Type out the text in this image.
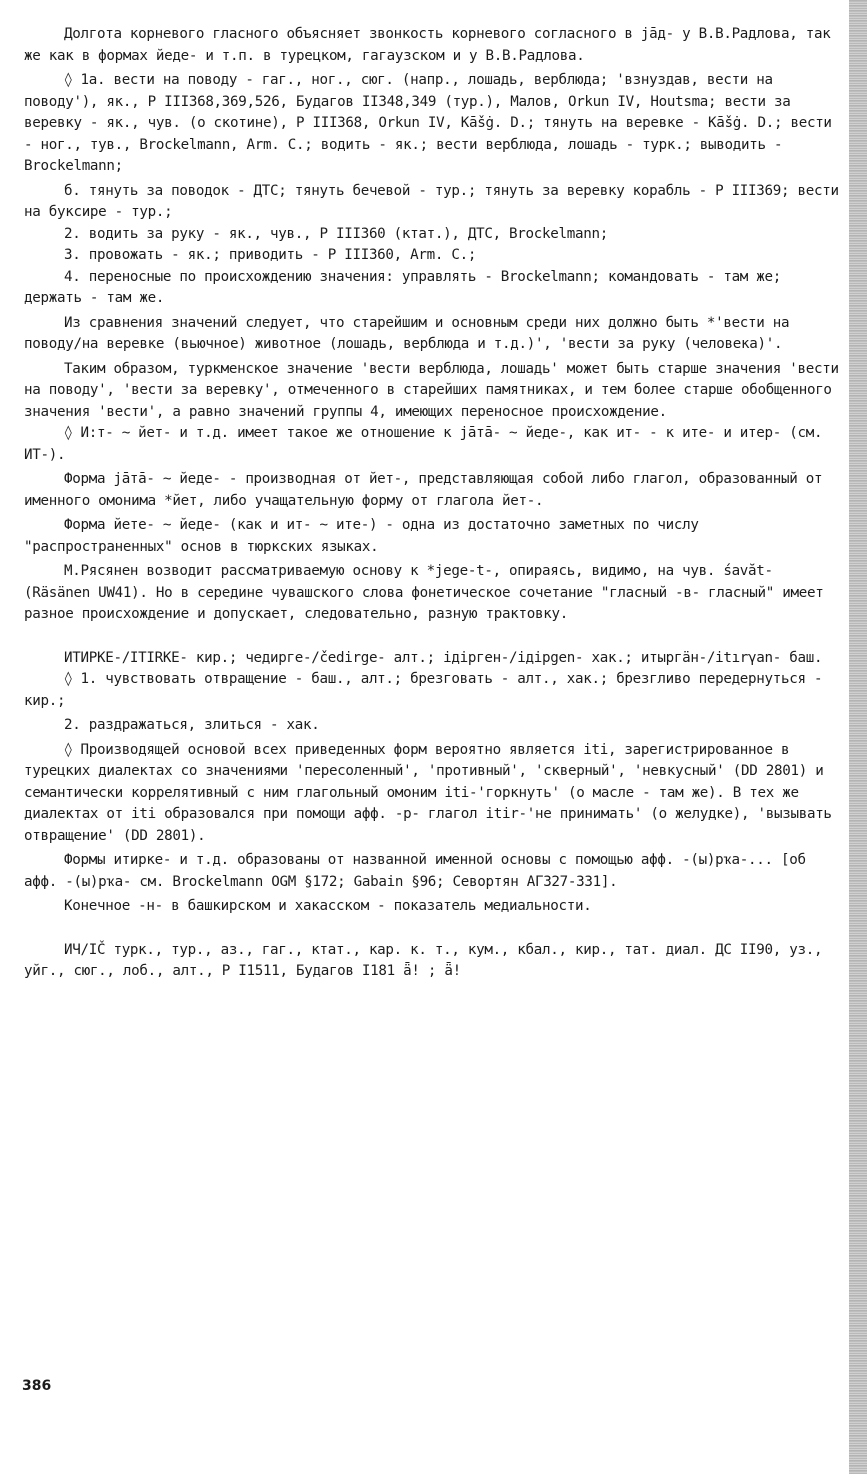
Долгота корневого гласного объясняет звонкость корневого согласного в jāд- у В.В.Радлова, так же как в формах йеде- и т.п. в турецком, гагаузском и у В.В.Радлова.

◊ 1а. вести на поводу - гаг., ног., сюг. (напр., лошадь, верблюда; 'взнуздав, вести на поводу'), як., Р III368,369,526, Будагов II348,349 (тур.), Малов, Orkun IV, Houtsma; вести за веревку - як., чув. (о скотине), Р III368, Orkun IV, Kāšġ. D.; тянуть на веревке - Kāšġ. D.; вести - ног., тув., Brockelmann, Arm. C.; водить - як.; вести верблюда, лошадь - турк.; выводить - Brockelmann;

б. тянуть за поводок - ДТС; тянуть бечевой - тур.; тянуть за веревку корабль - Р III369; вести на буксире - тур.;

2. водить за руку - як., чув., Р III360 (ктат.), ДТС, Brockelmann;

3. провожать - як.; приводить - Р III360, Arm. C.;

4. переносные по происхождению значения: управлять - Brockelmann; командовать - там же; держать - там же.

Из сравнения значений следует, что старейшим и основным среди них должно быть *'вести на поводу/на веревке (вьючное) животное (лошадь, верблюда и т.д.)', 'вести за руку (человека)'.

Таким образом, туркменское значение 'вести верблюда, лошадь' может быть старше значения 'вести на поводу', 'вести за веревку', отмеченного в старейших памятниках, и тем более старше обобщенного значения 'вести', а равно значений группы 4, имеющих переносное происхождение.

◊ И:т- ~ йет- и т.д. имеет такое же отношение к jāтā- ~ йеде-, как ит- - к ите- и итер- (см. ИТ-).

Форма jāтā- ~ йеде- - производная от йет-, представляющая собой либо глагол, образованный от именного омонима *йет, либо учащательную форму от глагола йет-.

Форма йете- ~ йеде- (как и ит- ~ ите-) - одна из достаточно заметных по числу "распространенных" основ в тюркских языках.

М.Рясянен возводит рассматриваемую основу к *jege-t-, опираясь, видимо, на чув. śavăt- (Räsänen UW41). Но в середине чувашского слова фонетическое сочетание "гласный -в- гласный" имеет разное происхождение и допускает, следовательно, разную трактовку.

ИТИРКЕ-/ITIRKE- кир.; чедирге-/čedirge- алт.; ідірген-/ідірgen- хак.; итыргӓн-/itırγan- баш.

◊ 1. чувствовать отвращение - баш., алт.; брезговать - алт., хак.; брезгливо передернуться - кир.;

2. раздражаться, злиться - хак.

◊ Производящей основой всех приведенных форм вероятно является iti, зарегистрированное в турецких диалектах со значениями 'пересоленный', 'противный', 'скверный', 'невкусный' (DD 2801) и семантически коррелятивный с ним глагольный омоним iti-'горкнуть' (о масле - там же). В тех же диалектах от iti образовался при помощи афф. -р- глагол itir-'не принимать' (о желудке), 'вызывать отвращение' (DD 2801).

Формы итирке- и т.д. образованы от названной именной основы с помощью афф. -(ы)рҡа-... [об афф. -(ы)рҡа- см. Brockelmann OGM §172; Gabain §96; Севортян АГ327-331].

Конечное -н- в башкирском и хакасском - показатель медиальности.

ИЧ/ІČ турк., тур., аз., гаг., ктат., кар. к. т., кум., кбал., кир., тат. диал. ДС II90, уз., уйг., сюг., лоб., алт., Р I1511, Будагов I181 ǟ! ; ǟ!

386
